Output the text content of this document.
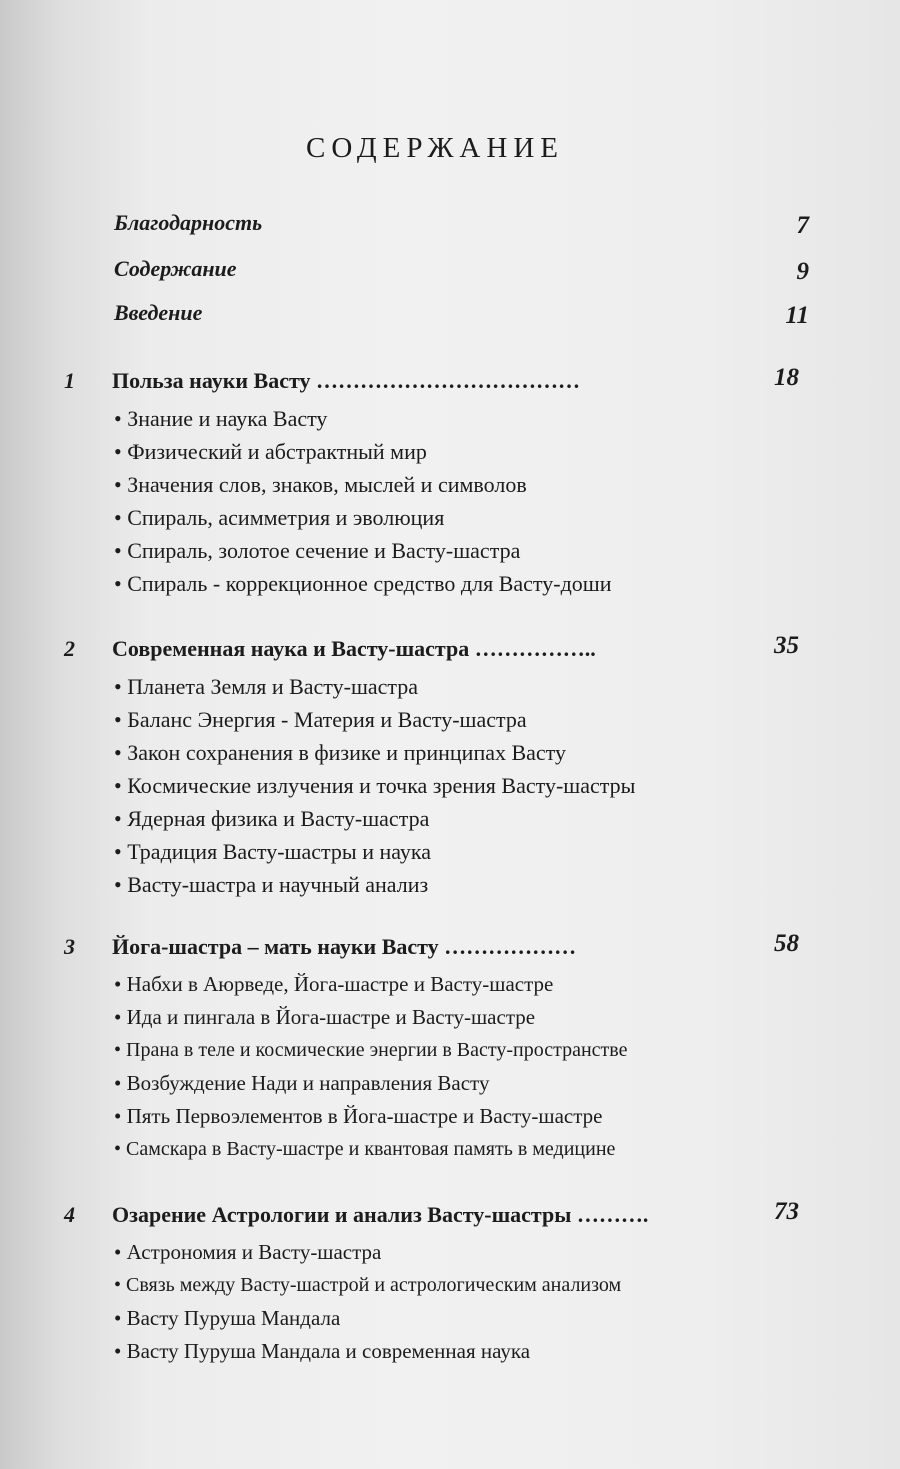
СОДЕРЖАНИЕ
Благодарность	7
Содержание	9
Введение	11
1 Польза науки Васту ………………………………	18
• Знание и наука Васту
• Физический и абстрактный мир
• Значения слов, знаков, мыслей и символов
• Спираль, асимметрия и эволюция
• Спираль, золотое сечение и Васту-шастра
• Спираль - коррекционное средство для Васту-доши
2 Современная наука и Васту-шастра ……………..	35
• Планета Земля и Васту-шастра
• Баланс Энергия - Материя и Васту-шастра
• Закон сохранения в физике и принципах Васту
• Космические излучения и точка зрения Васту-шастры
• Ядерная физика и Васту-шастра
• Традиция Васту-шастры и наука
• Васту-шастра и научный анализ
3 Йога-шастра – мать науки Васту ………………	58
• Набхи в Аюрведе, Йога-шастре и Васту-шастре
• Ида и пингала в Йога-шастре и Васту-шастре
• Прана в теле и космические энергии в Васту-пространстве
• Возбуждение Нади и направления Васту
• Пять Первоэлементов в Йога-шастре и Васту-шастре
• Самскара в Васту-шастре и квантовая память в медицине
4 Озарение Астрологии и анализ Васту-шастры ……….	73
• Астрономия и Васту-шастра
• Связь между Васту-шастрой и астрологическим анализом
• Васту Пуруша Мандала
• Васту Пуруша Мандала и современная наука
